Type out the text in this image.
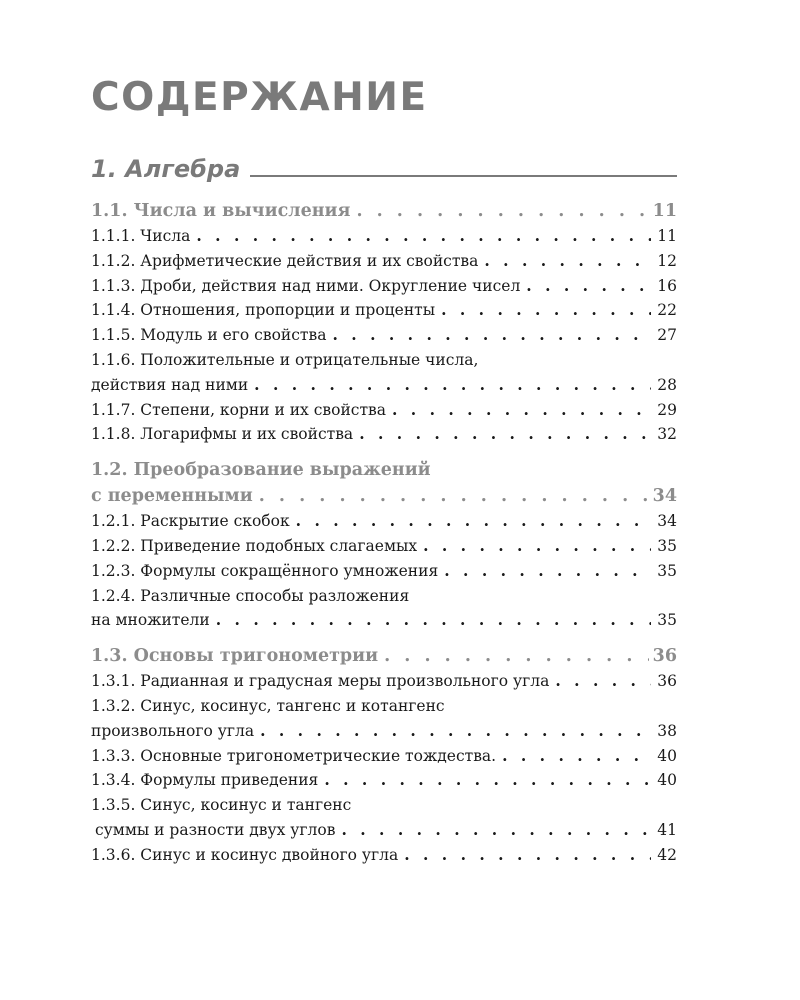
СОДЕРЖАНИЕ
1. Алгебра
1.1. Числа и вычисления . . .	11
1.1.1. Числа . . .	11
1.1.2. Арифметические действия и их свойства . . .	12
1.1.3. Дроби, действия над ними. Округление чисел . . .	16
1.1.4. Отношения, пропорции и проценты . . .	22
1.1.5. Модуль и его свойства . . .	27
1.1.6. Положительные и отрицательные числа,
действия над ними . . .	28
1.1.7. Степени, корни и их свойства . . .	29
1.1.8. Логарифмы и их свойства . . .	32
1.2. Преобразование выражений
с переменными . . .	34
1.2.1. Раскрытие скобок . . .	34
1.2.2. Приведение подобных слагаемых . . .	35
1.2.3. Формулы сокращённого умножения . . .	35
1.2.4. Различные способы разложения
на множители . . .	35
1.3. Основы тригонометрии . . .	36
1.3.1. Радианная и градусная меры произвольного угла . . .	36
1.3.2. Синус, косинус, тангенс и котангенс
произвольного угла . . .	38
1.3.3. Основные тригонометрические тождества. . . .	40
1.3.4. Формулы приведения . . .	40
1.3.5. Синус, косинус и тангенс
суммы и разности двух углов . . .	41
1.3.6. Синус и косинус двойного угла . . .	42
